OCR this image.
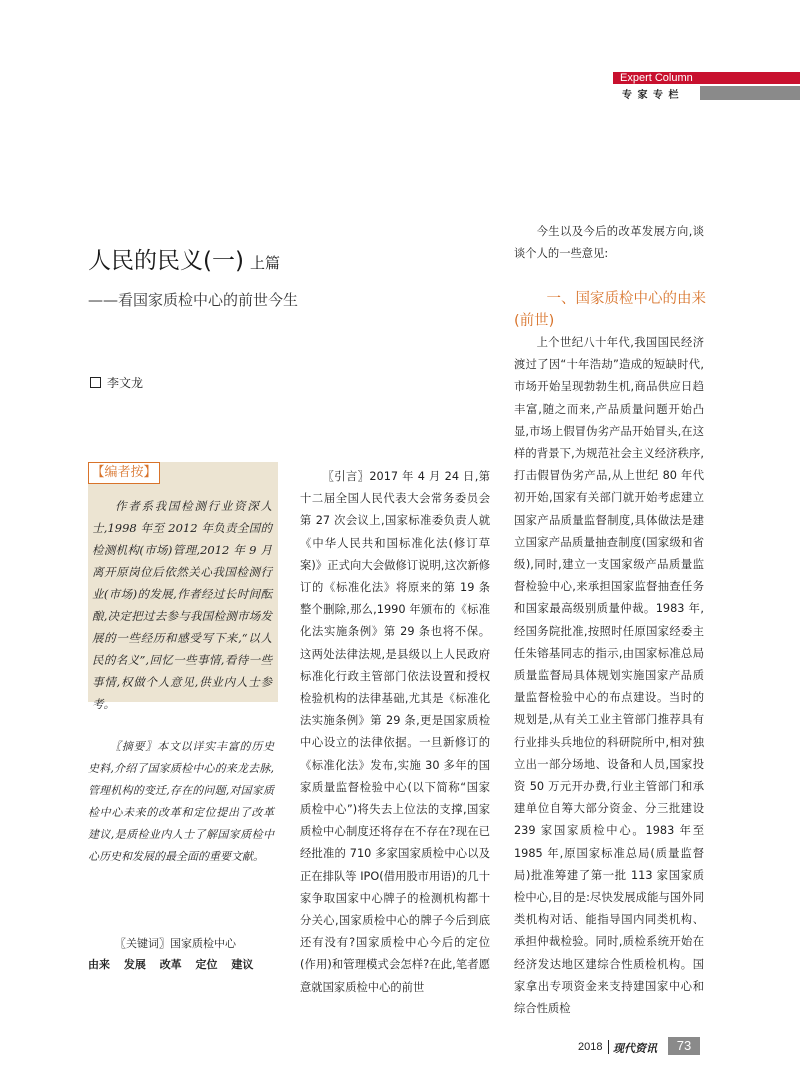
Expert Column
专 家 专 栏
人民的民义(一) 上篇
——看国家质检中心的前世今生
李文龙
【编者按】
作者系我国检测行业资深人士,1998 年至 2012 年负责全国的检测机构(市场)管理,2012 年 9 月离开原岗位后依然关心我国检测行业(市场)的发展,作者经过长时间酝酿,决定把过去参与我国检测市场发展的一些经历和感受写下来,“以人民的名义”,回忆一些事情,看待一些事情,权做个人意见,供业内人士参考。
〖摘要〗本文以详实丰富的历史史料,介绍了国家质检中心的来龙去脉,管理机构的变迁,存在的问题,对国家质检中心未来的改革和定位提出了改革建议,是质检业内人士了解国家质检中心历史和发展的最全面的重要文献。
〖关键词〗国家质检中心
由来 发展 改革 定位 建议
〖引言〗2017 年 4 月 24 日,第十二届全国人民代表大会常务委员会第 27 次会议上,国家标准委负责人就《中华人民共和国标准化法(修订草案)》正式向大会做修订说明,这次新修订的《标准化法》将原来的第 19 条整个删除,那么,1990 年颁布的《标准化法实施条例》第 29 条也将不保。这两处法律法规,是县级以上人民政府标准化行政主管部门依法设置和授权检验机构的法律基础,尤其是《标准化法实施条例》第 29 条,更是国家质检中心设立的法律依据。一旦新修订的《标准化法》发布,实施 30 多年的国家质量监督检验中心(以下简称“国家质检中心”)将失去上位法的支撑,国家质检中心制度还将存在不存在?现在已经批准的 710 多家国家质检中心以及正在排队等 IPO(借用股市用语)的几十家争取国家中心牌子的检测机构都十分关心,国家质检中心的牌子今后到底还有没有?国家质检中心今后的定位(作用)和管理模式会怎样?在此,笔者愿意就国家质检中心的前世
今生以及今后的改革发展方向,谈谈个人的一些意见:
一、国家质检中心的由来
(前世)
上个世纪八十年代,我国国民经济渡过了因“十年浩劫”造成的短缺时代,市场开始呈现勃勃生机,商品供应日趋丰富,随之而来,产品质量问题开始凸显,市场上假冒伪劣产品开始冒头,在这样的背景下,为规范社会主义经济秩序,打击假冒伪劣产品,从上世纪 80 年代初开始,国家有关部门就开始考虑建立国家产品质量监督制度,具体做法是建立国家产品质量抽查制度(国家级和省级),同时,建立一支国家级产品质量监督检验中心,来承担国家监督抽查任务和国家最高级别质量仲裁。1983 年,经国务院批准,按照时任原国家经委主任朱镕基同志的指示,由国家标准总局质量监督局具体规划实施国家产品质量监督检验中心的布点建设。当时的规划是,从有关工业主管部门推荐具有行业排头兵地位的科研院所中,相对独立出一部分场地、设备和人员,国家投资 50 万元开办费,行业主管部门和承建单位自筹大部分资金、分三批建设 239 家国家质检中心。1983 年至 1985 年,原国家标准总局(质量监督局)批准筹建了第一批 113 家国家质检中心,目的是:尽快发展成能与国外同类机构对话、能指导国内同类机构、承担仲裁检验。同时,质检系统开始在经济发达地区建综合性质检机构。国家拿出专项资金来支持建国家中心和综合性质检
2018 现代资讯	73
